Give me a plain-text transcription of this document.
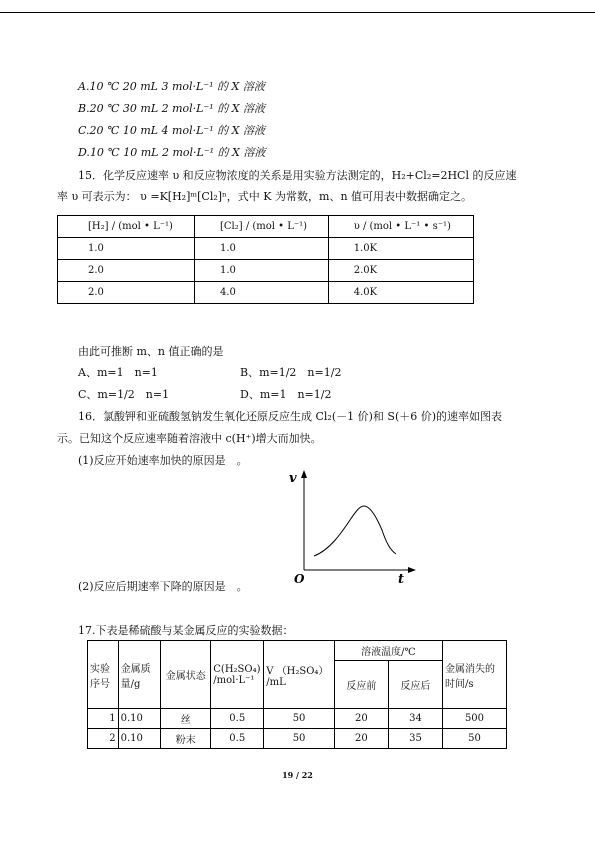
A.10 ℃ 20 mL 3 mol·L⁻¹ 的 X 溶液
B.20 ℃ 30 mL 2 mol·L⁻¹ 的 X 溶液
C.20 ℃ 10 mL 4 mol·L⁻¹ 的 X 溶液
D.10 ℃ 10 mL 2 mol·L⁻¹ 的 X 溶液
15．化学反应速率 υ 和反应物浓度的关系是用实验方法测定的，H₂+Cl₂=2HCl 的反应速
率 υ 可表示为： υ =K[H₂]ᵐ[Cl₂]ⁿ，式中 K 为常数，m、n 值可用表中数据确定之。
[H₂] / (mol • L⁻¹)	[Cl₂] / (mol • L⁻¹)	υ / (mol • L⁻¹ • s⁻¹)
1.0	1.0	1.0K
2.0	1.0	2.0K
2.0	4.0	4.0K
由此可推断 m、n 值正确的是
A、m=1　n=1	B、m=1/2　n=1/2
C、m=1/2　n=1	D、m=1　n=1/2
16．氯酸钾和亚硫酸氢钠发生氧化还原反应生成 Cl₂(－1 价)和 S(＋6 价)的速率如图表
示。已知这个反应速率随着溶液中 c(H⁺)增大而加快。
(1)反应开始速率加快的原因是　。
v
O	t
(2)反应后期速率下降的原因是　。
17.下表是稀硫酸与某金属反应的实验数据：
实验序号	金属质量/g	金属状态	C(H₂SO₄) /mol·L⁻¹	V （H₂SO₄） /mL	溶液温度/℃		金属消失的时间/s
					反应前	反应后	
1	0.10	丝	0.5	50	20	34	500
2	0.10	粉末	0.5	50	20	35	50
19 / 22
